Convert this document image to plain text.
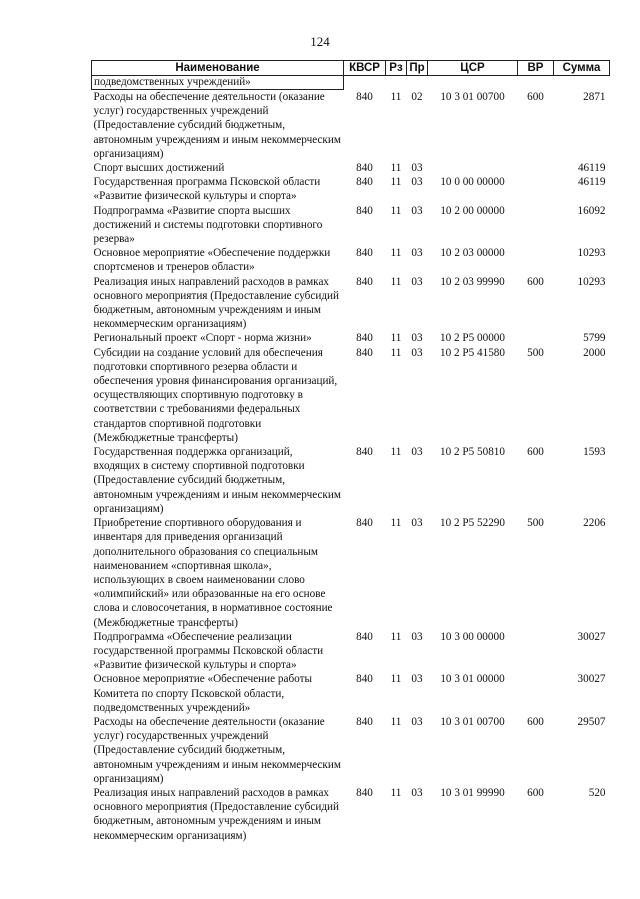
124
Наименование	КВСР	Рз	Пр	ЦСР	ВР	Сумма
подведомственных учреждений»						
Расходы на обеспечение деятельности (оказание услуг) государственных учреждений (Предоставление субсидий бюджетным, автономным учреждениям и иным некоммерческим организациям)	840	11	02	10 3 01 00700	600	2871
Спорт высших достижений	840	11	03			46119
Государственная программа Псковской области «Развитие физической культуры и спорта»	840	11	03	10 0 00 00000		46119
Подпрограмма «Развитие спорта высших достижений и системы подготовки спортивного резерва»	840	11	03	10 2 00 00000		16092
Основное мероприятие «Обеспечение поддержки спортсменов и тренеров области»	840	11	03	10 2 03 00000		10293
Реализация иных направлений расходов в рамках основного мероприятия (Предоставление субсидий бюджетным, автономным учреждениям и иным некоммерческим организациям)	840	11	03	10 2 03 99990	600	10293
Региональный проект «Спорт - норма жизни»	840	11	03	10 2 P5 00000		5799
Субсидии на создание условий для обеспечения подготовки спортивного резерва области и обеспечения уровня финансирования организаций, осуществляющих спортивную подготовку в соответствии с требованиями федеральных стандартов спортивной подготовки (Межбюджетные трансферты)	840	11	03	10 2 P5 41580	500	2000
Государственная поддержка организаций, входящих в систему спортивной подготовки (Предоставление субсидий бюджетным, автономным учреждениям и иным некоммерческим организациям)	840	11	03	10 2 P5 50810	600	1593
Приобретение спортивного оборудования и инвентаря для приведения организаций дополнительного образования со специальным наименованием «спортивная школа», использующих в своем наименовании слово «олимпийский» или образованные на его основе слова и словосочетания, в нормативное состояние (Межбюджетные трансферты)	840	11	03	10 2 P5 52290	500	2206
Подпрограмма «Обеспечение реализации государственной программы Псковской области «Развитие физической культуры и спорта»	840	11	03	10 3 00 00000		30027
Основное мероприятие «Обеспечение работы Комитета по спорту Псковской области, подведомственных учреждений»	840	11	03	10 3 01 00000		30027
Расходы на обеспечение деятельности (оказание услуг) государственных учреждений (Предоставление субсидий бюджетным, автономным учреждениям и иным некоммерческим организациям)	840	11	03	10 3 01 00700	600	29507
Реализация иных направлений расходов в рамках основного мероприятия (Предоставление субсидий бюджетным, автономным учреждениям и иным некоммерческим организациям)	840	11	03	10 3 01 99990	600	520
